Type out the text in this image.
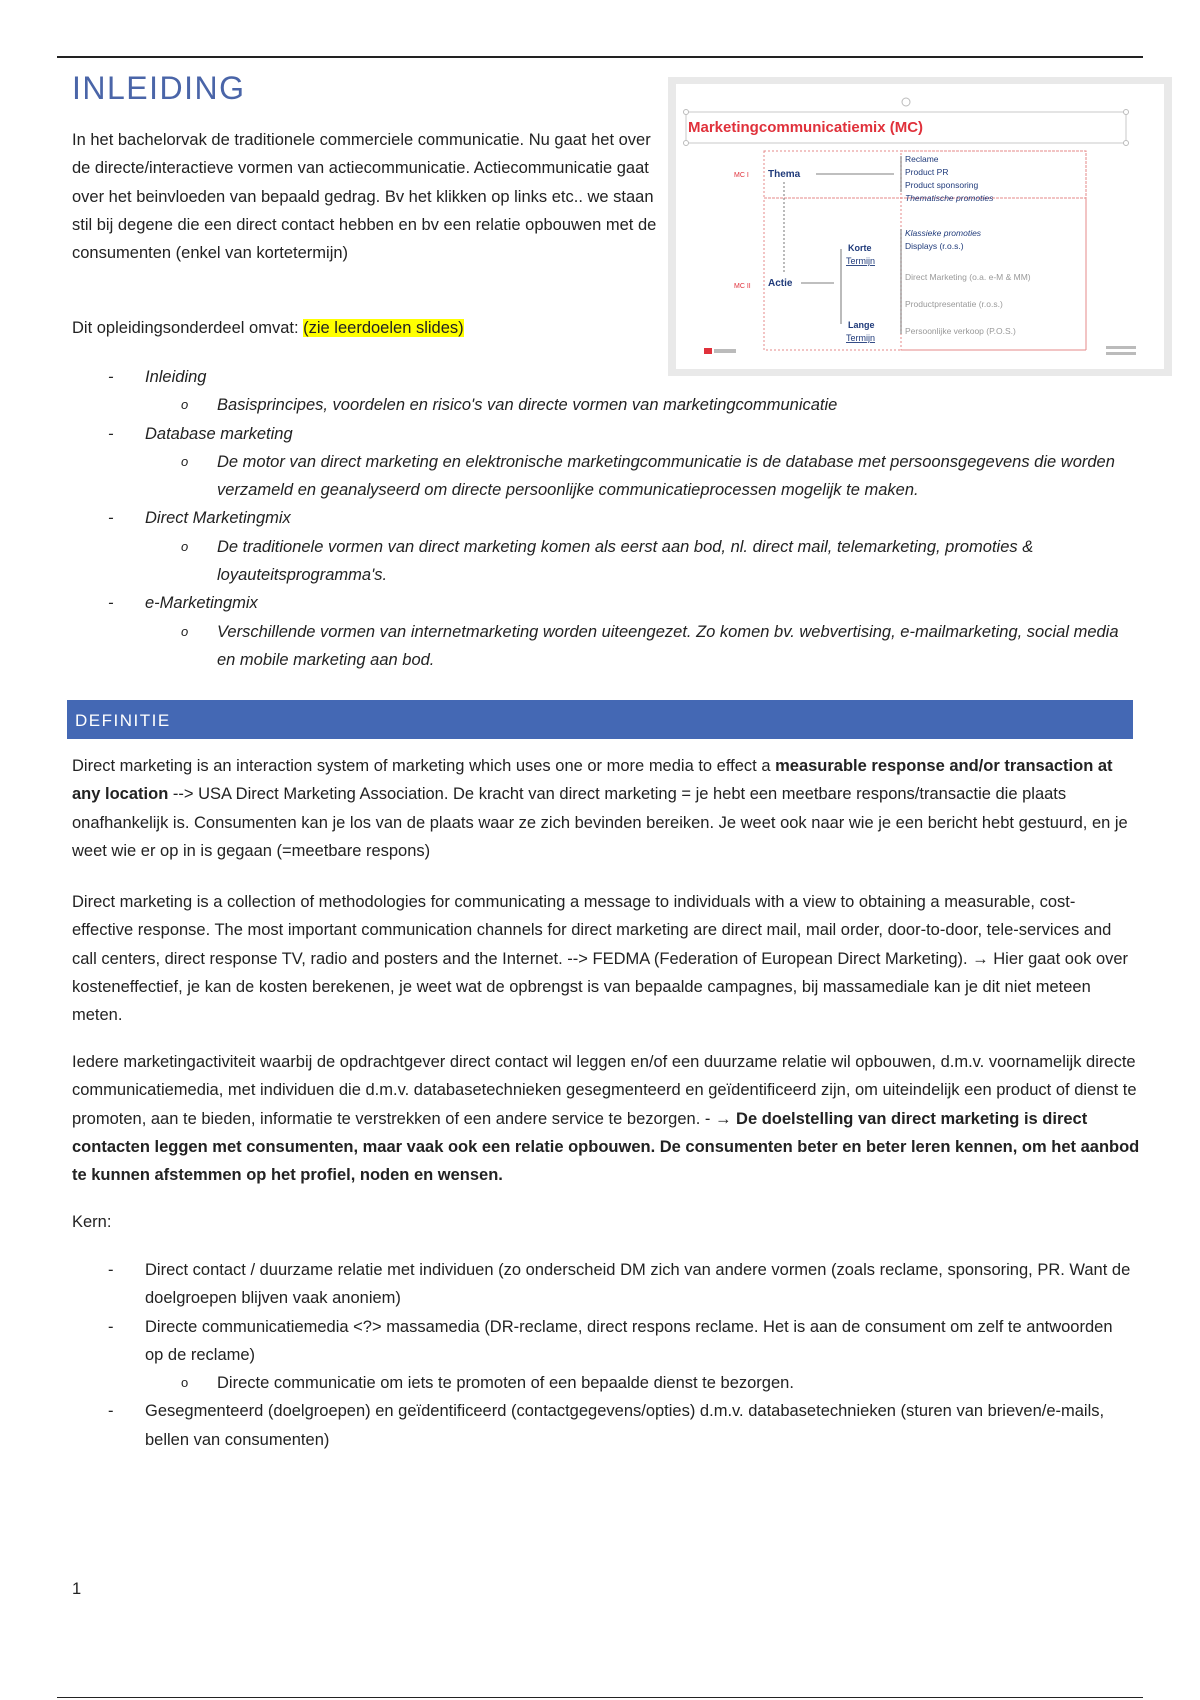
INLEIDING

In het bachelorvak de traditionele commerciele communicatie. Nu gaat het over de directe/interactieve vormen van actiecommunicatie. Actiecommunicatie gaat over het beinvloeden van bepaald gedrag. Bv het klikken op links etc.. we staan stil bij degene die een direct contact hebben en bv een relatie opbouwen met de consumenten (enkel van kortetermijn)

Dit opleidingsonderdeel omvat: (zie leerdoelen slides)

Marketingcommunicatiemix (MC)
MC I
MC II
Thema
Actie
Korte
Termijn
Lange
Termijn
Reclame
Product PR
Product sponsoring
Thematische promoties
Klassieke promoties
Displays (r.o.s.)
Direct Marketing (o.a. e-M & MM)
Productpresentatie (r.o.s.)
Persoonlijke verkoop (P.O.S.)
- Inleiding
o Basisprincipes, voordelen en risico's van directe vormen van marketingcommunicatie
- Database marketing
o De motor van direct marketing en elektronische marketingcommunicatie is de database met persoonsgegevens die worden verzameld en geanalyseerd om directe persoonlijke communicatieprocessen mogelijk te maken.
- Direct Marketingmix
o De traditionele vormen van direct marketing komen als eerst aan bod, nl. direct mail, telemarketing, promoties & loyauteitsprogramma's.
- e-Marketingmix
o Verschillende vormen van internetmarketing worden uiteengezet. Zo komen bv. webvertising, e-mailmarketing, social media en mobile marketing aan bod.
DEFINITIE

Direct marketing is an interaction system of marketing which uses one or more media to effect a measurable response and/or transaction at any location --> USA Direct Marketing Association. De kracht van direct marketing = je hebt een meetbare respons/transactie die plaats onafhankelijk is. Consumenten kan je los van de plaats waar ze zich bevinden bereiken. Je weet ook naar wie je een bericht hebt gestuurd, en je weet wie er op in is gegaan (=meetbare respons)

Direct marketing is a collection of methodologies for communicating a message to individuals with a view to obtaining a measurable, cost-effective response. The most important communication channels for direct marketing are direct mail, mail order, door-to-door, tele-services and call centers, direct response TV, radio and posters and the Internet. --> FEDMA (Federation of European Direct Marketing). → Hier gaat ook over kosteneffectief, je kan de kosten berekenen, je weet wat de opbrengst is van bepaalde campagnes, bij massamediale kan je dit niet meteen meten.

Iedere marketingactiviteit waarbij de opdrachtgever direct contact wil leggen en/of een duurzame relatie wil opbouwen, d.m.v. voornamelijk directe communicatiemedia, met individuen die d.m.v. databasetechnieken gesegmenteerd en geïdentificeerd zijn, om uiteindelijk een product of dienst te promoten, aan te bieden, informatie te verstrekken of een andere service te bezorgen. - → De doelstelling van direct marketing is direct contacten leggen met consumenten, maar vaak ook een relatie opbouwen. De consumenten beter en beter leren kennen, om het aanbod te kunnen afstemmen op het profiel, noden en wensen.

Kern:

- Direct contact / duurzame relatie met individuen (zo onderscheid DM zich van andere vormen (zoals reclame, sponsoring, PR. Want de doelgroepen blijven vaak anoniem)
- Directe communicatiemedia <?> massamedia (DR-reclame, direct respons reclame. Het is aan de consument om zelf te antwoorden op de reclame)
o Directe communicatie om iets te promoten of een bepaalde dienst te bezorgen.
- Gesegmenteerd (doelgroepen) en geïdentificeerd (contactgegevens/opties) d.m.v. databasetechnieken (sturen van brieven/e-mails, bellen van consumenten)
1
